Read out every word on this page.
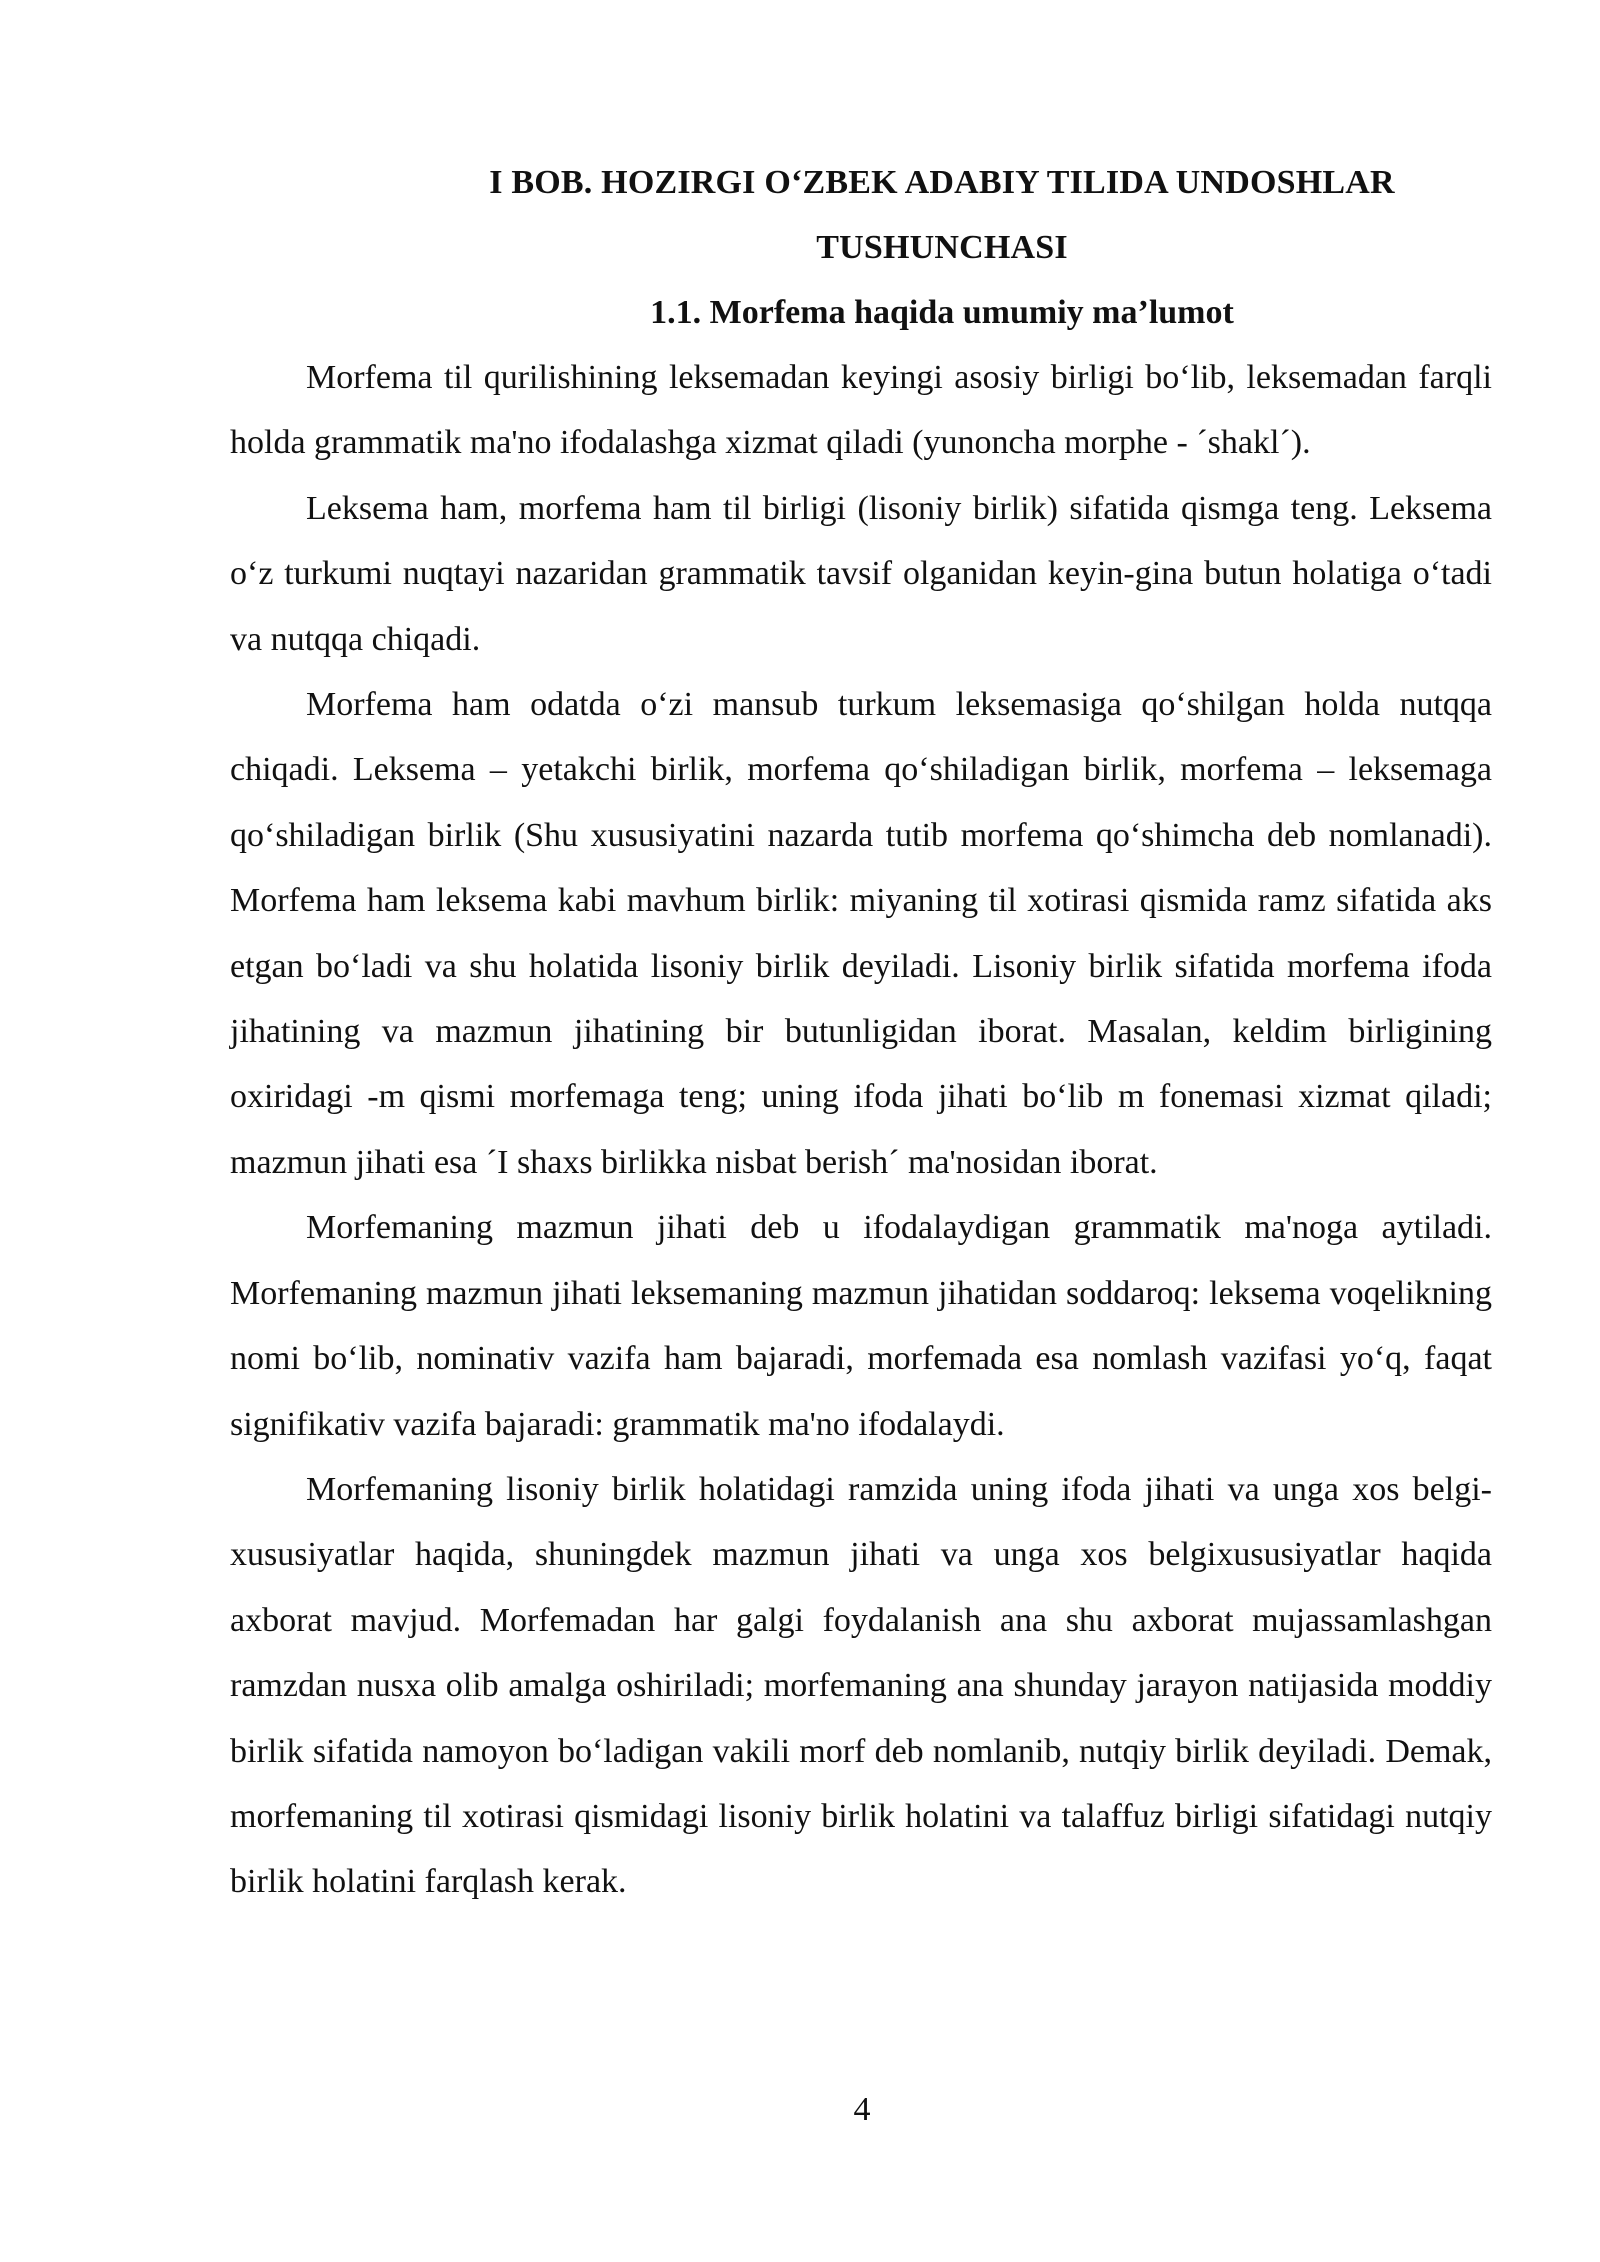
I BOB. HOZIRGI O‘ZBEK ADABIY TILIDA UNDOSHLAR TUSHUNCHASI
1.1. Morfema haqida umumiy ma’lumot

Morfema til qurilishining leksemadan keyingi asosiy birligi bo‘lib, leksemadan farqli holda grammatik ma'no ifodalashga xizmat qiladi (yunoncha morphe - ´shakl´).

Leksema ham, morfema ham til birligi (lisoniy birlik) sifatida qismga teng. Leksema o‘z turkumi nuqtayi nazaridan grammatik tavsif olganidan keyin-gina butun holatiga o‘tadi va nutqqa chiqadi.

Morfema ham odatda o‘zi mansub turkum leksemasiga qo‘shilgan holda nutqqa chiqadi. Leksema – yetakchi birlik, morfema qo‘shiladigan birlik, morfema – leksemaga qo‘shiladigan birlik (Shu xususiyatini nazarda tutib morfema qo‘shimcha deb nomlanadi). Morfema ham leksema kabi mavhum birlik: miyaning til xotirasi qismida ramz sifatida aks etgan bo‘ladi va shu holatida lisoniy birlik deyiladi. Lisoniy birlik sifatida morfema ifoda jihatining va mazmun jihatining bir butunligidan iborat. Masalan, keldim birligining oxiridagi -m qismi morfemaga teng; uning ifoda jihati bo‘lib m fonemasi xizmat qiladi; mazmun jihati esa ´I shaxs birlikka nisbat berish´ ma'nosidan iborat.

Morfemaning mazmun jihati deb u ifodalaydigan grammatik ma'noga aytiladi. Morfemaning mazmun jihati leksemaning mazmun jihatidan soddaroq: leksema voqelikning nomi bo‘lib, nominativ vazifa ham bajaradi, morfemada esa nomlash vazifasi yo‘q, faqat signifikativ vazifa bajaradi: grammatik ma'no ifodalaydi.

Morfemaning lisoniy birlik holatidagi ramzida uning ifoda jihati va unga xos belgi-xususiyatlar haqida, shuningdek mazmun jihati va unga xos belgixususiyatlar haqida axborat mavjud. Morfemadan har galgi foydalanish ana shu axborat mujassamlashgan ramzdan nusxa olib amalga oshiriladi; morfemaning ana shunday jarayon natijasida moddiy birlik sifatida namoyon bo‘ladigan vakili morf deb nomlanib, nutqiy birlik deyiladi. Demak, morfemaning til xotirasi qismidagi lisoniy birlik holatini va talaffuz birligi sifatidagi nutqiy birlik holatini farqlash kerak.

4
